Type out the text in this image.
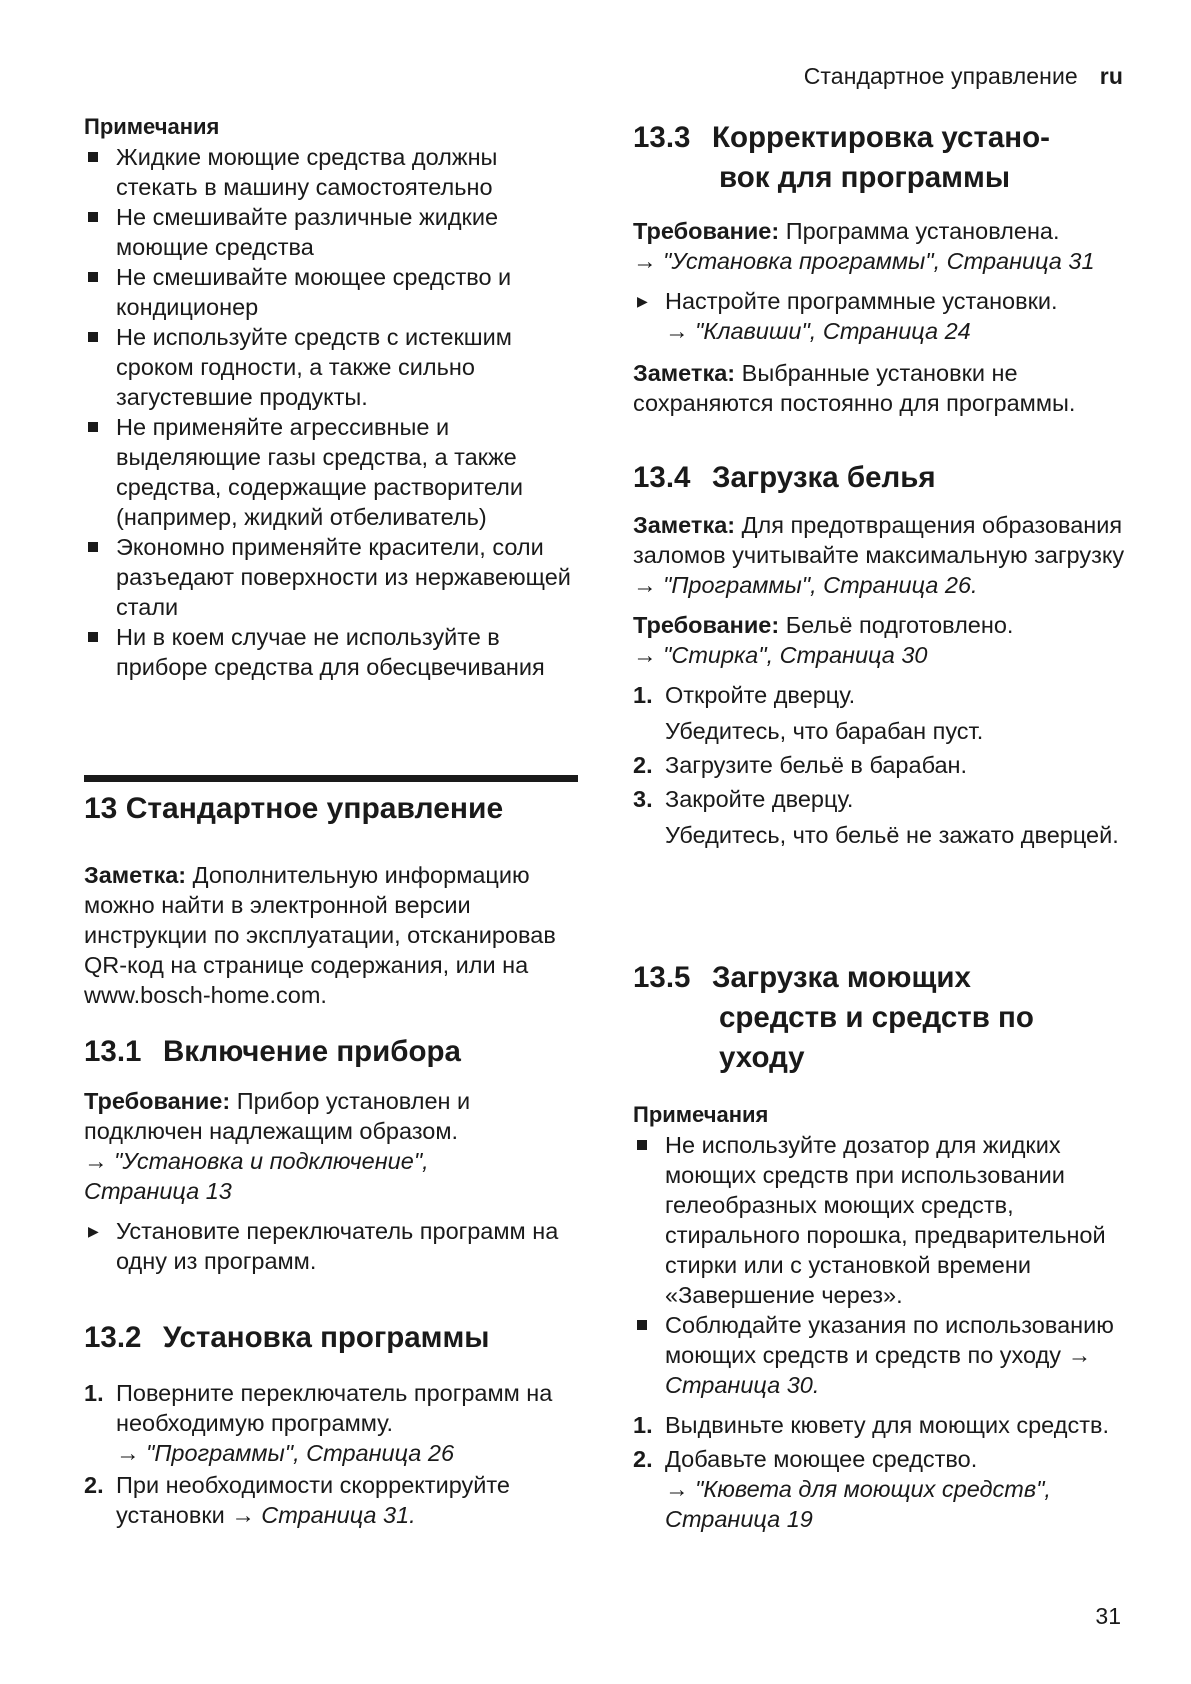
Стандартное управление ru

Примечания

Жидкие моющие средства должны стекать в машину самостоятельно
Не смешивайте различные жидкие моющие средства
Не смешивайте моющее средство и кондиционер
Не используйте средств с истекшим сроком годности, а также сильно загустевшие продукты.
Не применяйте агрессивные и выделяющие газы средства, а также средства, содержащие растворители (например, жидкий отбеливатель)
Экономно применяйте красители, соли разъедают поверхности из нержавеющей стали
Ни в коем случае не используйте в приборе средства для обесцвечивания

13 Стандартное управление

Заметка: Дополнительную информацию можно найти в электронной версии инструкции по эксплуатации, отсканировав QR-код на странице содержания, или на www.bosch-home.com.

13.1 Включение прибора

Требование: Прибор установлен и подключен надлежащим образом.

→ "Установка и подключение", Страница 13

▶ Установите переключатель программ на одну из программ.

13.2 Установка программы

1. Поверните переключатель программ на необходимую программу.
→ "Программы", Страница 26
2. При необходимости скорректируйте установки → Страница 31.

13.3 Корректировка устано-
вок для программы

Требование: Программа установлена.

→ "Установка программы", Страница 31

▶ Настройте программные установки.
→ "Клавиши", Страница 24

Заметка: Выбранные установки не сохраняются постоянно для программы.

13.4 Загрузка белья

Заметка: Для предотвращения образования заломов учитывайте максимальную загрузку

→ "Программы", Страница 26.

Требование: Бельё подготовлено.

→ "Стирка", Страница 30

1. Откройте дверцу.
Убедитесь, что барабан пуст.
2. Загрузите бельё в барабан.
3. Закройте дверцу.
Убедитесь, что бельё не зажато дверцей.

13.5 Загрузка моющих
средств и средств по
уходу

Примечания

Не используйте дозатор для жидких моющих средств при использовании гелеобразных моющих средств, стирального порошка, предварительной стирки или с установкой времени «Завершение через».
Соблюдайте указания по использованию моющих средств и средств по уходу → Страница 30.
1. Выдвиньте кювету для моющих средств.
2. Добавьте моющее средство.
→ "Кювета для моющих средств", Страница 19
31
